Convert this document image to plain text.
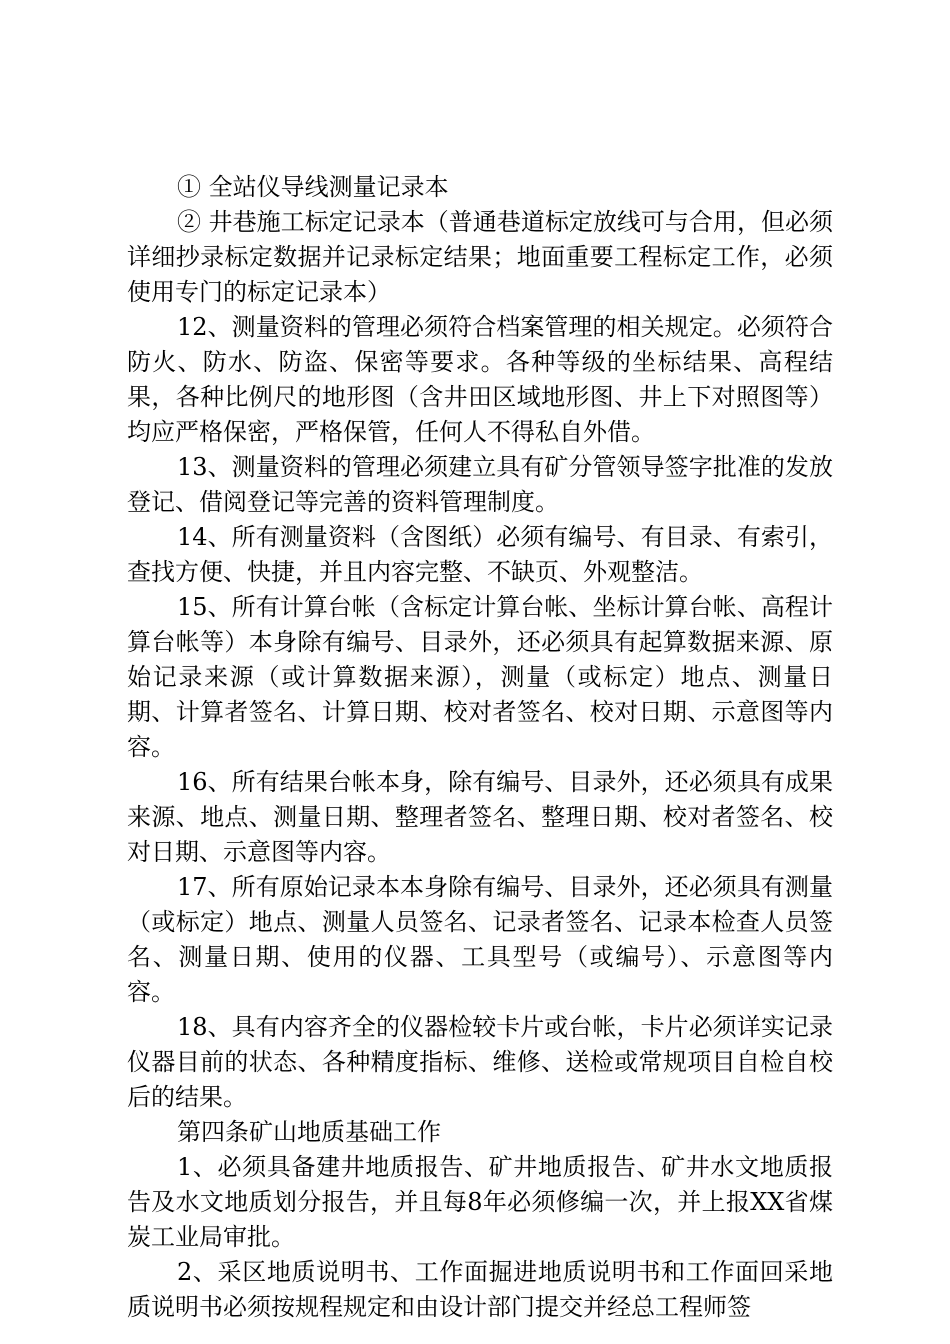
① 全站仪导线测量记录本

② 井巷施工标定记录本（普通巷道标定放线可与合用，但必须详细抄录标定数据并记录标定结果；地面重要工程标定工作，必须使用专门的标定记录本）

12、测量资料的管理必须符合档案管理的相关规定。必须符合防火、防水、防盗、保密等要求。各种等级的坐标结果、高程结果，各种比例尺的地形图（含井田区域地形图、井上下对照图等）均应严格保密，严格保管，任何人不得私自外借。

13、测量资料的管理必须建立具有矿分管领导签字批准的发放登记、借阅登记等完善的资料管理制度。

14、所有测量资料（含图纸）必须有编号、有目录、有索引，查找方便、快捷，并且内容完整、不缺页、外观整洁。

15、所有计算台帐（含标定计算台帐、坐标计算台帐、高程计算台帐等）本身除有编号、目录外，还必须具有起算数据来源、原始记录来源（或计算数据来源），测量（或标定）地点、测量日期、计算者签名、计算日期、校对者签名、校对日期、示意图等内容。

16、所有结果台帐本身，除有编号、目录外，还必须具有成果来源、地点、测量日期、整理者签名、整理日期、校对者签名、校对日期、示意图等内容。

17、所有原始记录本本身除有编号、目录外，还必须具有测量（或标定）地点、测量人员签名、记录者签名、记录本检查人员签名、测量日期、使用的仪器、工具型号（或编号）、示意图等内容。

18、具有内容齐全的仪器检较卡片或台帐，卡片必须详实记录仪器目前的状态、各种精度指标、维修、送检或常规项目自检自校后的结果。

第四条矿山地质基础工作

1、必须具备建井地质报告、矿井地质报告、矿井水文地质报告及水文地质划分报告，并且每8年必须修编一次，并上报XX省煤炭工业局审批。

2、采区地质说明书、工作面掘进地质说明书和工作面回采地质说明书必须按规程规定和由设计部门提交并经总工程师签
